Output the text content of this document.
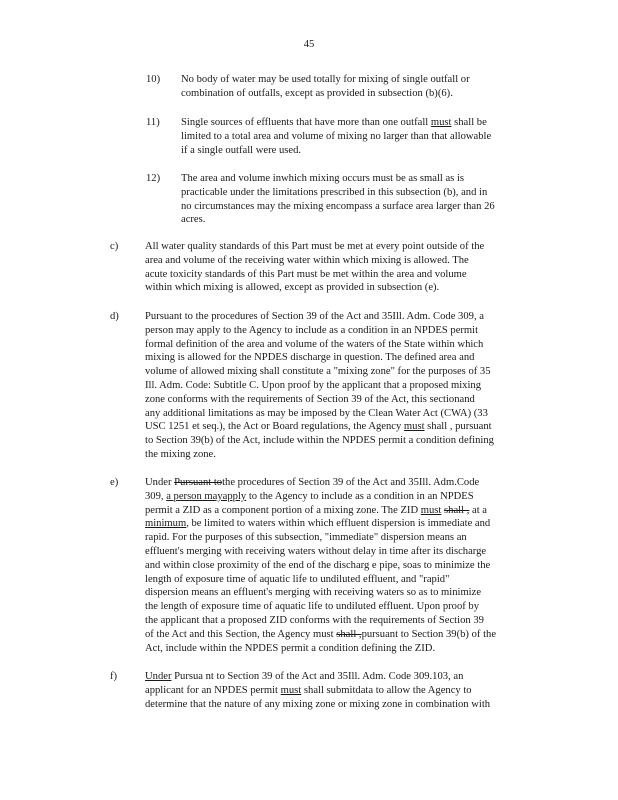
45
10) No body of water may be used totally for mixing of single outfall or
combination of outfalls, except as provided in subsection (b)(6).
11) Single sources of effluents that have more than one outfall must shall be
limited to a total area and volume of mixing no larger than that allowable
if a single outfall were used.
12) The area and volume inwhich mixing occurs must be as small as is
practicable under the limitations prescribed in this subsection (b), and in
no circumstances may the mixing encompass a surface area larger than 26
acres.
c)	All water quality standards of this Part must be met at every point outside of the
area and volume of the receiving water within which mixing is allowed. The
acute toxicity standards of this Part must be met within the area and volume
within which mixing is allowed, except as provided in subsection (e).
d) Pursuant to the procedures of Section 39 of the Act and 35Ill. Adm. Code 309, a
person may apply to the Agency to include as a condition in an NPDES permit
formal definition of the area and volume of the waters of the State within which
mixing is allowed for the NPDES discharge in question. The defined area and
volume of allowed mixing shall constitute a "mixing zone" for the purposes of 35
Ill. Adm. Code: Subtitle C. Upon proof by the applicant that a proposed mixing
zone conforms with the requirements of Section 39 of the Act, this sectionand
any additional limitations as may be imposed by the Clean Water Act (CWA) (33
USC 1251 et seq.), the Act or Board regulations, the Agency must shall , pursuant
to Section 39(b) of the Act, include within the NPDES permit a condition defining
the mixing zone.
e)	Under Pursuant tothe procedures of Section 39 of the Act and 35Ill. Adm.Code
309, a person mayapply to the Agency to include as a condition in an NPDES
permit a ZID as a component portion of a mixing zone. The ZID must shall , at a
minimum, be limited to waters within which effluent dispersion is immediate and
rapid. For the purposes of this subsection, "immediate" dispersion means an
effluent's merging with receiving waters without delay in time after its discharge
and within close proximity of the end of the discharg e pipe, soas to minimize the
length of exposure time of aquatic life to undiluted effluent, and "rapid"
dispersion means an effluent's merging with receiving waters so as to minimize
the length of exposure time of aquatic life to undiluted effluent. Upon proof by
the applicant that a proposed ZID conforms with the requirements of Section 39
of the Act and this Section, the Agency must shall ,pursuant to Section 39(b) of the
Act, include within the NPDES permit a condition defining the ZID.
f)	Under Pursua nt to Section 39 of the Act and 35Ill. Adm. Code 309.103, an
applicant for an NPDES permit must shall submitdata to allow the Agency to
determine that the nature of any mixing zone or mixing zone in combination with
